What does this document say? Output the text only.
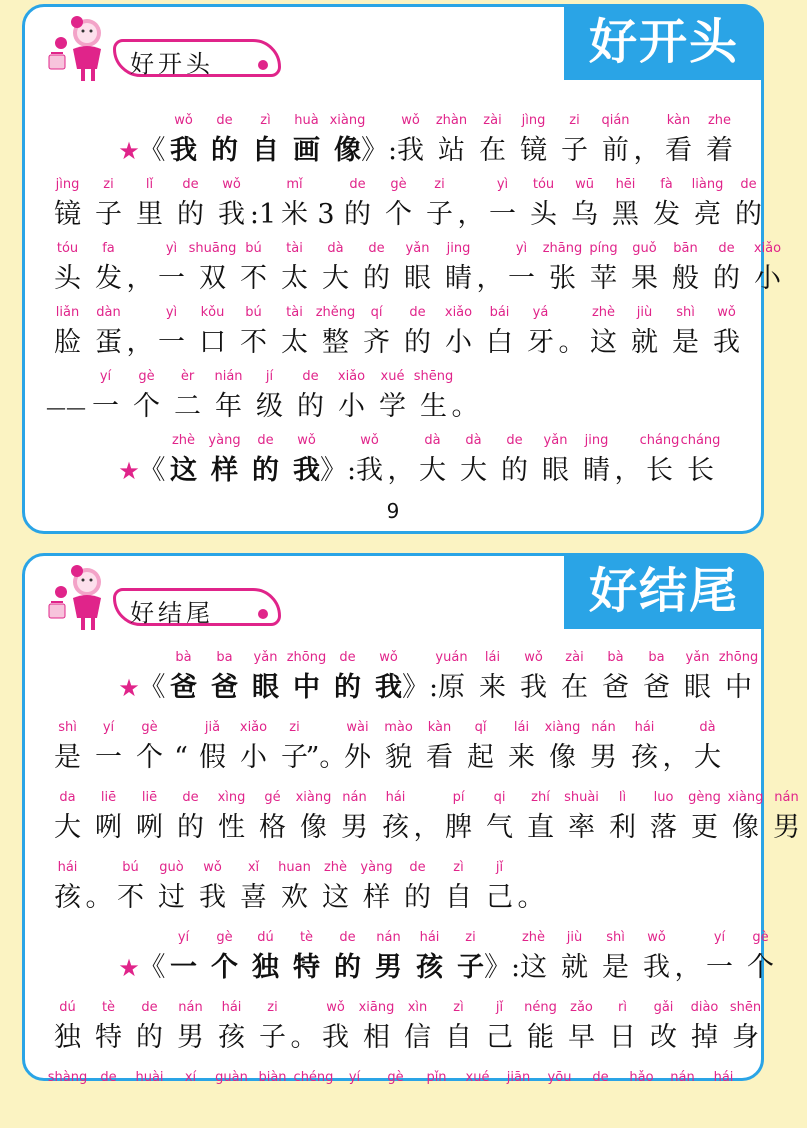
好开头	好开头
★
《
wǒ
我
de
的
zì
自
huà
画
xiàng
像 》:
wǒ
我
zhàn
站
zài
在
jìng
镜
zi
子
qián
前 ，
kàn
看
zhe
着
jìng
镜
zi
子
lǐ
里
de
的
wǒ
我 :1
mǐ
米 3
de
的
gè
个
zi
子 ，
yì
一
tóu
头
wū
乌
hēi
黑
fà
发
liàng
亮
de
的
tóu
头
fa
发 ，
yì
一
shuāng
双
bú
不
tài
太
dà
大
de
的
yǎn
眼
jing
睛 ，
yì
一
zhāng
张
píng
苹
guǒ
果
bān
般
de
的
xiǎo
小
liǎn
脸
dàn
蛋 ，
yì
一
kǒu
口
bú
不
tài
太
zhěng
整
qí
齐
de
的
xiǎo
小
bái
白
yá
牙 。
zhè
这
jiù
就
shì
是
wǒ
我
——
yí
一
gè
个
èr
二
nián
年
jí
级
de
的
xiǎo
小
xué
学
shēng
生 。
★
《
zhè
这
yàng
样
de
的
wǒ
我 》:
wǒ
我 ，
dà
大
dà
大
de
的
yǎn
眼
jing
睛 ，
cháng
长
cháng
长
9
好结尾	好结尾
★
《
bà
爸
ba
爸
yǎn
眼
zhōng
中
de
的
wǒ
我 》:
yuán
原
lái
来
wǒ
我
zài
在
bà
爸
ba
爸
yǎn
眼
zhōng
中
shì
是
yí
一
gè
个 “
jiǎ
假
xiǎo
小
zi
子
”。
wài
外
mào
貌
kàn
看
qǐ
起
lái
来
xiàng
像
nán
男
hái
孩 ，
dà
大
da
大
liē
咧
liē
咧
de
的
xìng
性
gé
格
xiàng
像
nán
男
hái
孩 ，
pí
脾
qi
气
zhí
直
shuài
率
lì
利
luo
落
gèng
更
xiàng
像
nán
男
hái
孩 。
bú
不
guò
过
wǒ
我
xǐ
喜
huan
欢
zhè
这
yàng
样
de
的
zì
自
jǐ
己 。
★
《
yí
一
gè
个
dú
独
tè
特
de
的
nán
男
hái
孩
zi
子 》:
zhè
这
jiù
就
shì
是
wǒ
我 ，
yí
一
gè
个
dú
独
tè
特
de
的
nán
男
hái
孩
zi
子 。
wǒ
我
xiāng
相
xìn
信
zì
自
jǐ
己
néng
能
zǎo
早
rì
日
gǎi
改
diào
掉
shēn
身
shàng de huài xí guàn biàn chéng yí gè pǐn xué jiān yōu de hǎo nán hái
